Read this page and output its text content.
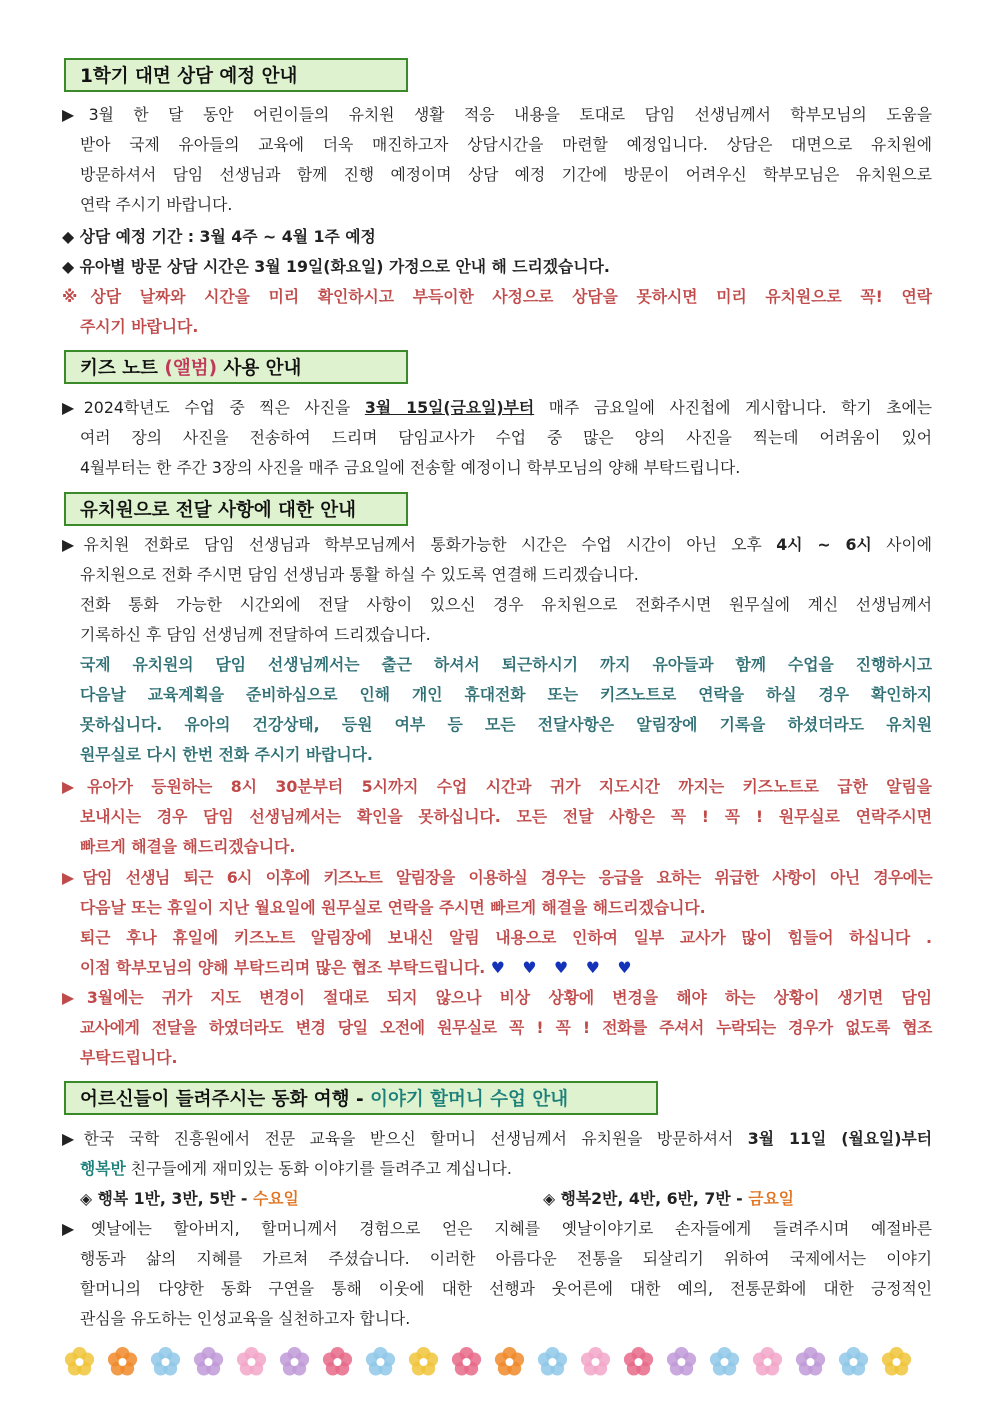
1학기 대면 상담 예정 안내
▶3월 한 달 동안 어린이들의 유치원 생활 적응 내용을 토대로 담임 선생님께서 학부모님의 도움을
받아 국제 유아들의 교육에 더욱 매진하고자 상담시간을 마련할 예정입니다. 상담은 대면으로 유치원에
방문하셔서 담임 선생님과 함께 진행 예정이며 상담 예정 기간에 방문이 어려우신 학부모님은 유치원으로
연락 주시기 바랍니다.
◆ 상담 예정 기간 : 3월 4주 ~ 4월 1주 예정
◆ 유아별 방문 상담 시간은 3월 19일(화요일) 가정으로 안내 해 드리겠습니다.
※상담 날짜와 시간을 미리 확인하시고 부득이한 사정으로 상담을 못하시면 미리 유치원으로 꼭! 연락
주시기 바랍니다.
키즈 노트 (앨범) 사용 안내
▶2024학년도 수업 중 찍은 사진을 3월 15일(금요일)부터 매주 금요일에 사진첩에 게시합니다. 학기 초에는
여러 장의 사진을 전송하여 드리며 담임교사가 수업 중 많은 양의 사진을 찍는데 어려움이 있어
4월부터는 한 주간 3장의 사진을 매주 금요일에 전송할 예정이니 학부모님의 양해 부탁드립니다.
유치원으로 전달 사항에 대한 안내
▶유치원 전화로 담임 선생님과 학부모님께서 통화가능한 시간은 수업 시간이 아닌 오후 4시 ~ 6시 사이에
유치원으로 전화 주시면 담임 선생님과 통활 하실 수 있도록 연결해 드리겠습니다.
전화 통화 가능한 시간외에 전달 사항이 있으신 경우 유치원으로 전화주시면 원무실에 계신 선생님께서
기록하신 후 담임 선생님께 전달하여 드리겠습니다.
국제 유치원의 담임 선생님께서는 출근 하셔서 퇴근하시기 까지 유아들과 함께 수업을 진행하시고
다음날 교육계획을 준비하심으로 인해 개인 휴대전화 또는 키즈노트로 연락을 하실 경우 확인하지
못하십니다. 유아의 건강상태, 등원 여부 등 모든 전달사항은 알림장에 기록을 하셨더라도 유치원
원무실로 다시 한번 전화 주시기 바랍니다.
▶유아가 등원하는 8시 30분부터 5시까지 수업 시간과 귀가 지도시간 까지는 키즈노트로 급한 알림을
보내시는 경우 담임 선생님께서는 확인을 못하십니다. 모든 전달 사항은 꼭 ! 꼭 ! 원무실로 연락주시면
빠르게 해결을 해드리겠습니다.
▶담임 선생님 퇴근 6시 이후에 키즈노트 알림장을 이용하실 경우는 응급을 요하는 위급한 사항이 아닌 경우에는
다음날 또는 휴일이 지난 월요일에 원무실로 연락을 주시면 빠르게 해결을 해드리겠습니다.
퇴근 후나 휴일에 키즈노트 알림장에 보내신 알림 내용으로 인하여 일부 교사가 많이 힘들어 하십니다 .
이점 학부모님의 양해 부탁드리며 많은 협조 부탁드립니다. ♥ ♥ ♥ ♥ ♥
▶3월에는 귀가 지도 변경이 절대로 되지 않으나 비상 상황에 변경을 해야 하는 상황이 생기면 담임
교사에게 전달을 하였더라도 변경 당일 오전에 원무실로 꼭 ! 꼭 ! 전화를 주셔서 누락되는 경우가 없도록 협조
부탁드립니다.
어르신들이 들려주시는 동화 여행 - 이야기 할머니 수업 안내
▶한국 국학 진흥원에서 전문 교육을 받으신 할머니 선생님께서 유치원을 방문하셔서 3월 11일 (월요일)부터
행복반 친구들에게 재미있는 동화 이야기를 들려주고 계십니다.
◈ 행복 1반, 3반, 5반 - 수요일	◈ 행복2반, 4반, 6반, 7반 - 금요일
▶옛날에는 할아버지, 할머니께서 경험으로 얻은 지혜를 옛날이야기로 손자들에게 들려주시며 예절바른
행동과 삶의 지혜를 가르쳐 주셨습니다. 이러한 아름다운 전통을 되살리기 위하여 국제에서는 이야기
할머니의 다양한 동화 구연을 통해 이웃에 대한 선행과 웃어른에 대한 예의, 전통문화에 대한 긍정적인
관심을 유도하는 인성교육을 실천하고자 합니다.
